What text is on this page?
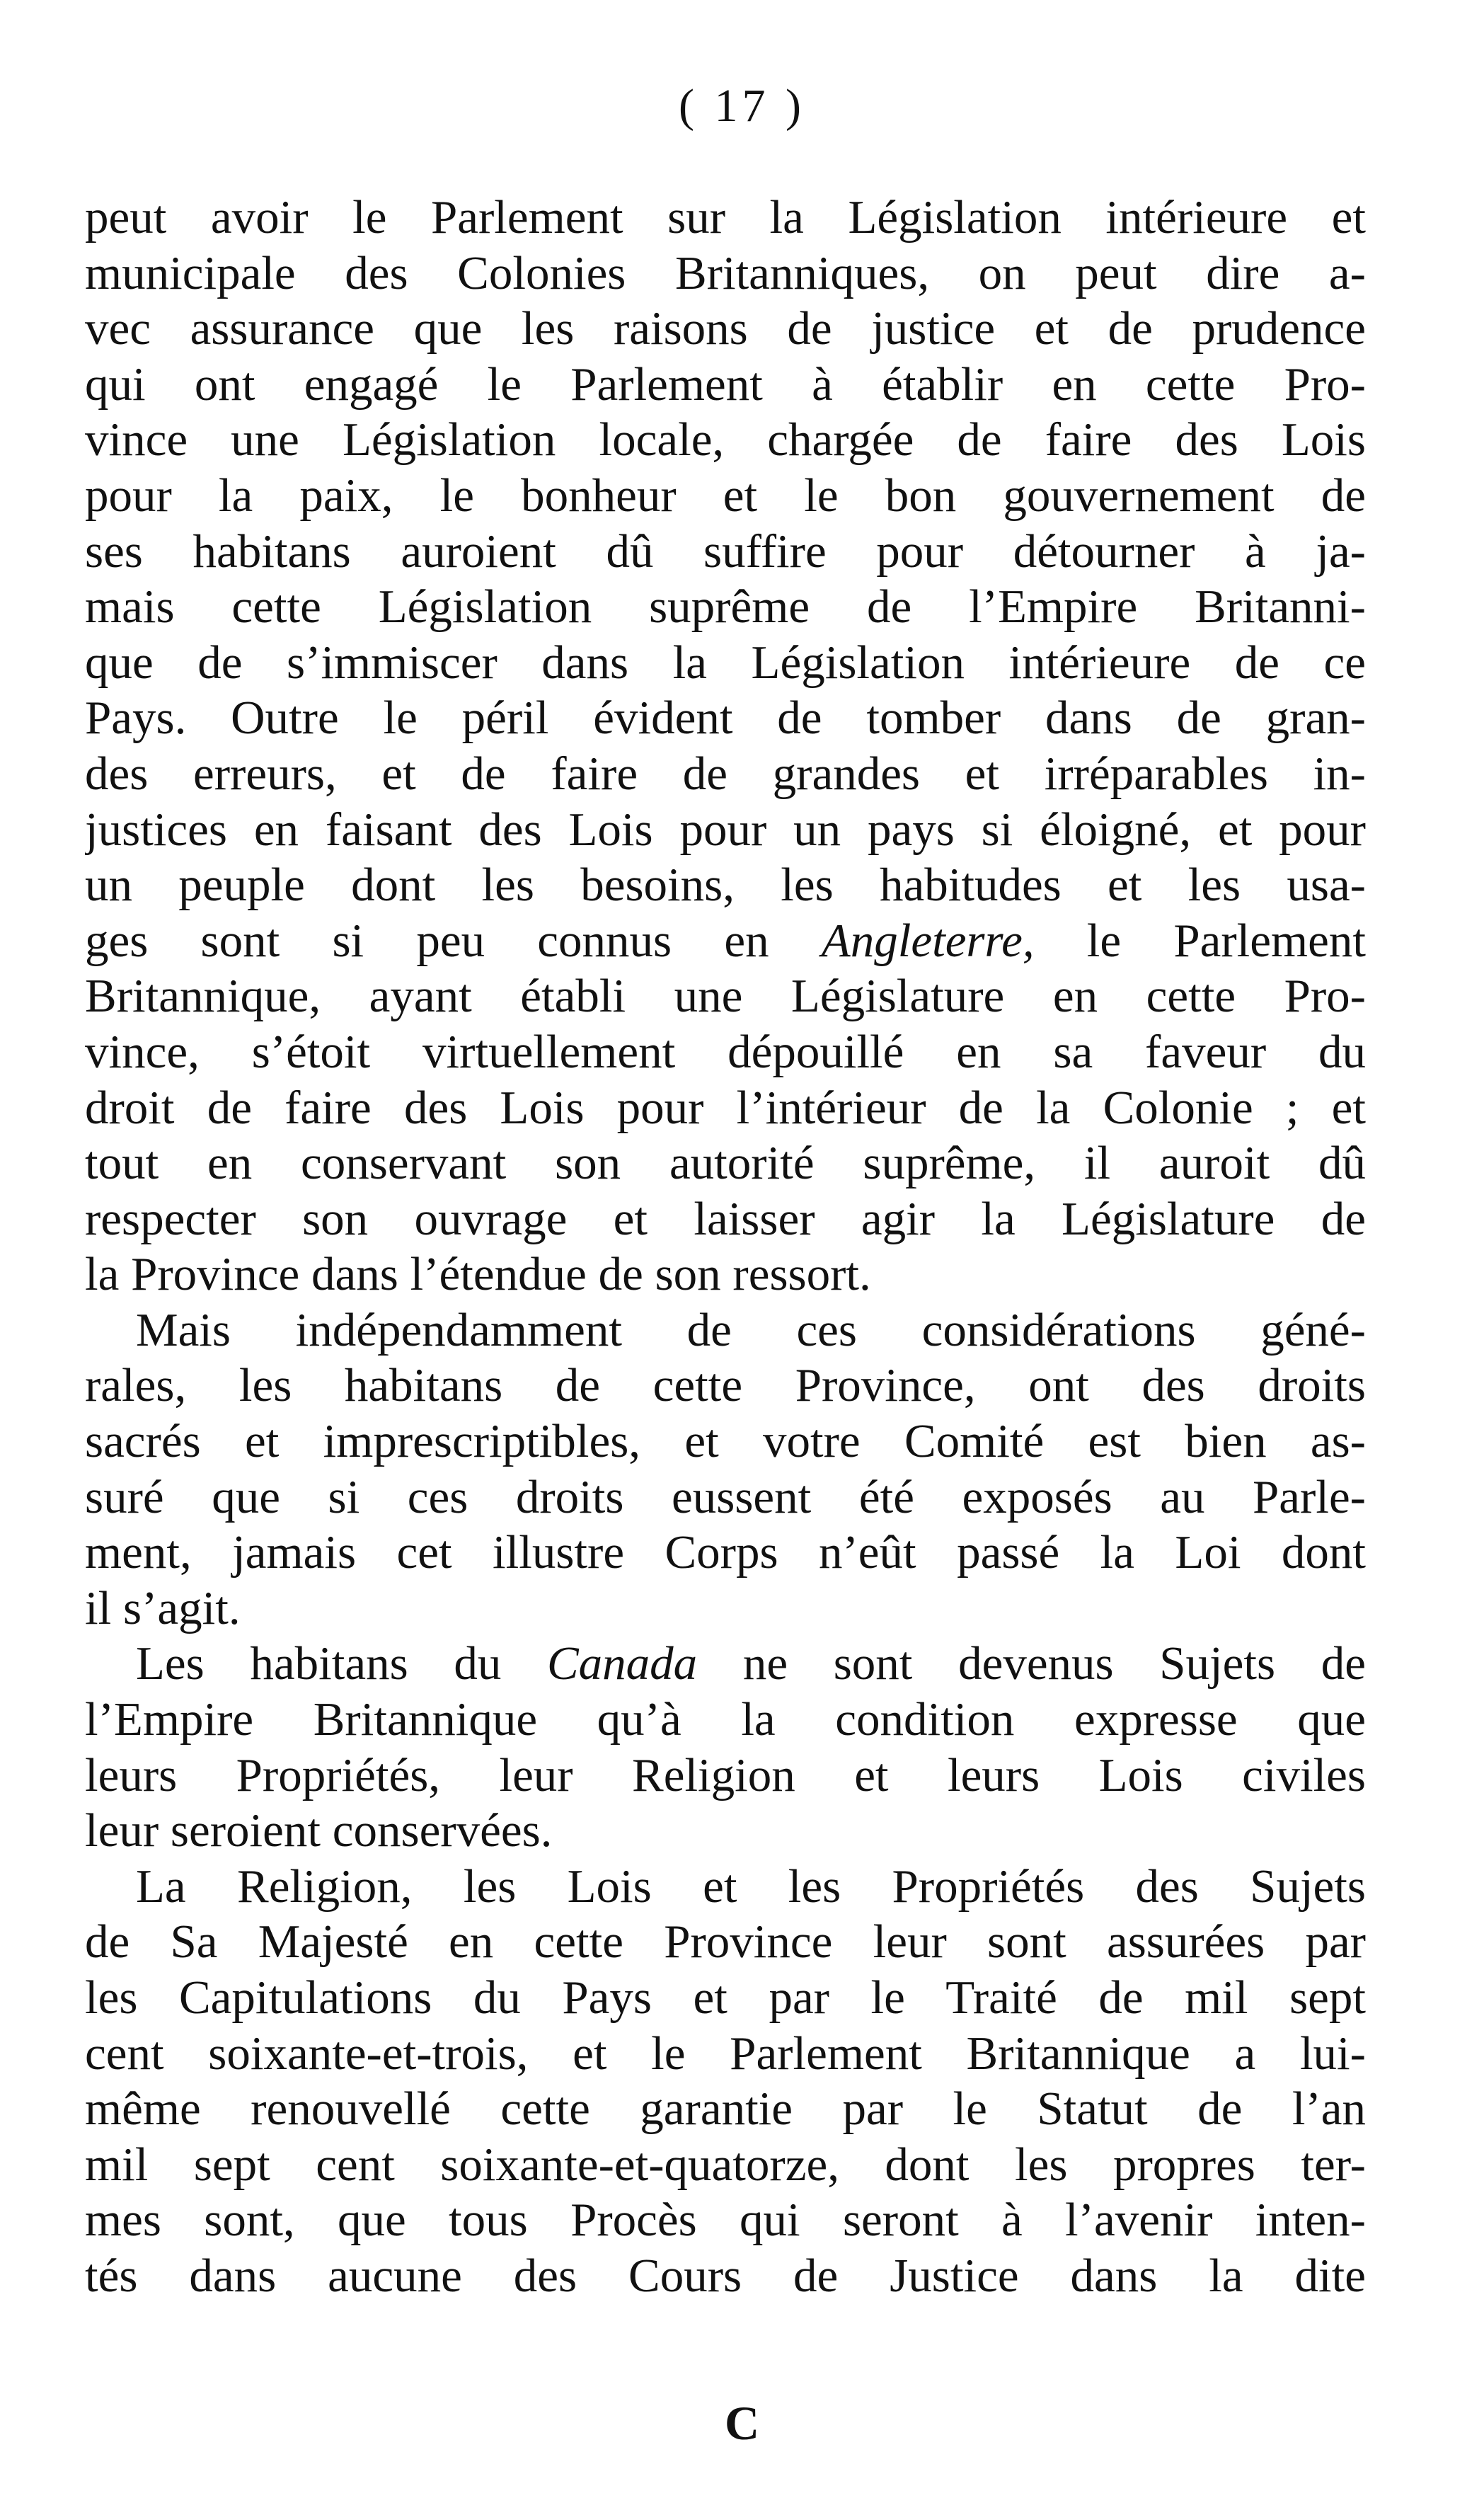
( 17 )
peut avoir le Parlement sur la Législation intérieure et
municipale des Colonies Britanniques, on peut dire a-
vec assurance que les raisons de justice et de prudence
qui ont engagé le Parlement à établir en cette Pro-
vince une Législation locale, chargée de faire des Lois
pour la paix, le bonheur et le bon gouvernement de
ses habitans auroient dû suffire pour détourner à ja-
mais cette Législation suprême de l’Empire Britanni-
que de s’immiscer dans la Législation intérieure de ce
Pays. Outre le péril évident de tomber dans de gran-
des erreurs, et de faire de grandes et irréparables in-
justices en faisant des Lois pour un pays si éloigné, et pour
un peuple dont les besoins, les habitudes et les usa-
ges sont si peu connus en Angleterre, le Parlement
Britannique, ayant établi une Législature en cette Pro-
vince, s’étoit virtuellement dépouillé en sa faveur du
droit de faire des Lois pour l’intérieur de la Colonie ; et
tout en conservant son autorité suprême, il auroit dû
respecter son ouvrage et laisser agir la Législature de
la Province dans l’étendue de son ressort.
Mais indépendamment de ces considérations géné-
rales, les habitans de cette Province, ont des droits
sacrés et imprescriptibles, et votre Comité est bien as-
suré que si ces droits eussent été exposés au Parle-
ment, jamais cet illustre Corps n’eût passé la Loi dont
il s’agit.
Les habitans du Canada ne sont devenus Sujets de
l’Empire Britannique qu’à la condition expresse que
leurs Propriétés, leur Religion et leurs Lois civiles
leur seroient conservées.
La Religion, les Lois et les Propriétés des Sujets
de Sa Majesté en cette Province leur sont assurées par
les Capitulations du Pays et par le Traité de mil sept
cent soixante-et-trois, et le Parlement Britannique a lui-
même renouvellé cette garantie par le Statut de l’an
mil sept cent soixante-et-quatorze, dont les propres ter-
mes sont, que tous Procès qui seront à l’avenir inten-
tés dans aucune des Cours de Justice dans la dite
C
